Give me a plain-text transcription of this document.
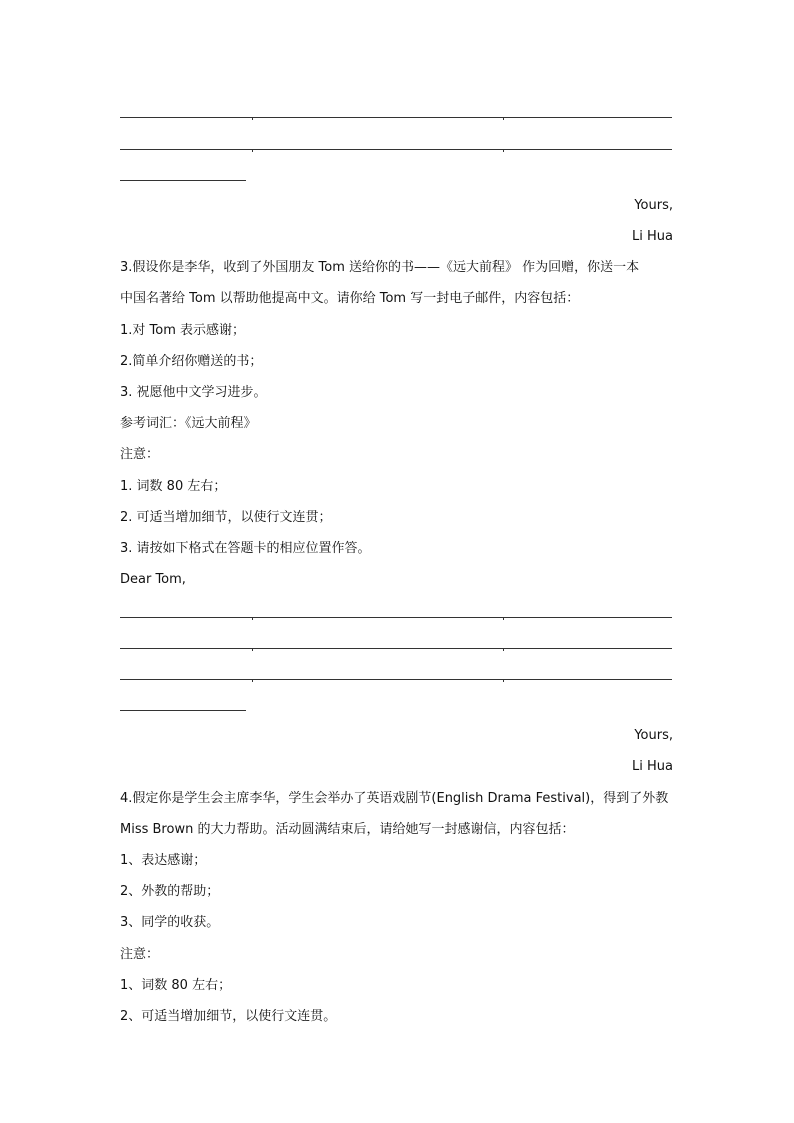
Yours,
Li Hua
3.假设你是李华，收到了外国朋友 Tom 送给你的书——《远大前程》 作为回赠，你送一本
中国名著给 Tom 以帮助他提高中文。请你给 Tom 写一封电子邮件，内容包括：
1.对 Tom 表示感谢；
2.简单介绍你赠送的书；
3. 祝愿他中文学习进步。
参考词汇：《远大前程》
注意：
1. 词数 80 左右；
2. 可适当增加细节，以使行文连贯；
3. 请按如下格式在答题卡的相应位置作答。
Dear Tom,
Yours,
Li Hua
4.假定你是学生会主席李华，学生会举办了英语戏剧节(English Drama Festival)，得到了外教
Miss Brown 的大力帮助。活动圆满结束后，请给她写一封感谢信，内容包括：
1、表达感谢；
2、外教的帮助；
3、同学的收获。
注意：
1、词数 80 左右；
2、可适当增加细节，以使行文连贯。
